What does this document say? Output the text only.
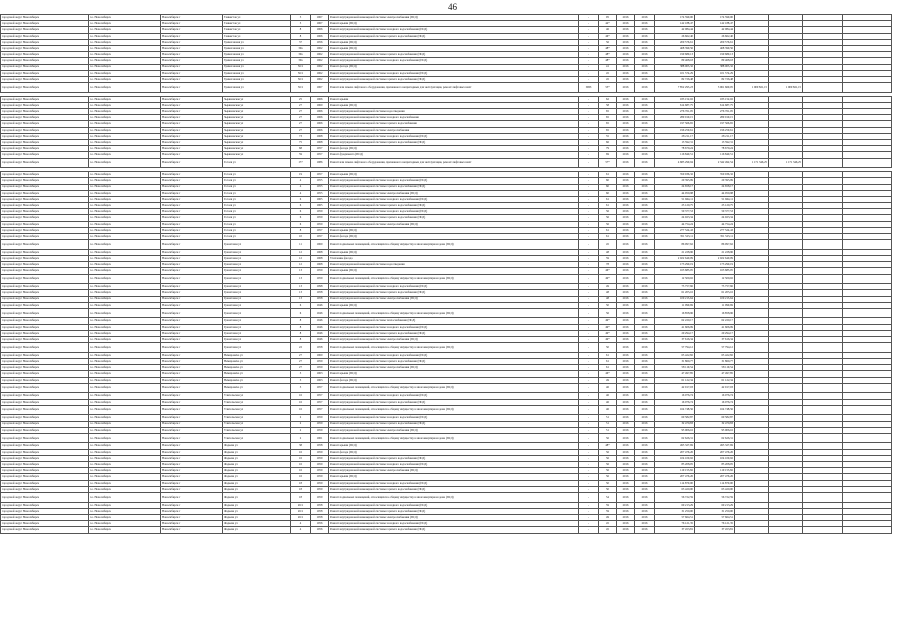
46
городской округ Новосибирск	г.о. Новосибирск	Новосибирск г	Танкистов ул	5	1967	Ремонт внутридомовой инженерной системы электроснабжения (ПСД)	-	95	2016	2016	174 590,00	174 590,00				
городской округ Новосибирск	г.о. Новосибирск	Новосибирск г	Танкистов ул	5	1967	Ремонт крыши (ПСД)	-	44*	2016	2016	142 188,47	142 188,47				
городской округ Новосибирск	г.о. Новосибирск	Новосибирск г	Танкистов ул	8	1966	Ремонт внутридомовой инженерной системы холодного водоснабжения (ПСД)	-	46	2016	2016	42 084,44	42 084,44				
городской округ Новосибирск	г.о. Новосибирск	Новосибирск г	Танкистов ул	8	1966	Ремонт внутридомовой инженерной системы горячего водоснабжения (ПСД)	-	46*	2016	2016	26 662,40	26 662,40				
городской округ Новосибирск	г.о. Новосибирск	Новосибирск г	Трикотажная ул	37	1956	Ремонт крыши (ПСД)	-	56	2016	2016	200 576,61	200 576,61				
городской округ Новосибирск	г.о. Новосибирск	Новосибирск г	Трикотажная ул	39а	1962	Ремонт крыши (ПСД)	-	48*	2016	2016	468 399,56	468 399,56				
городской округ Новосибирск	г.о. Новосибирск	Новосибирск г	Трикотажная ул	39а	1962	Ремонт внутридомовой инженерной системы горячего водоснабжения (ПСД)	-	48*	2016	2016	199 689,13	199 689,13				
городской округ Новосибирск	г.о. Новосибирск	Новосибирск г	Трикотажная ул	39а	1962	Ремонт внутридомовой инженерной системы холодного водоснабжения (ПСД)	-	48*	2016	2016	89 468,18	89 468,18				
городской округ Новосибирск	г.о. Новосибирск	Новосибирск г	Трикотажная ул	56/1	1962	Ремонт фасада (ПСД)	-	41	2016	2016	388 003,32	388 003,32				
городской округ Новосибирск	г.о. Новосибирск	Новосибирск г	Трикотажная ул	56/1	1962	Ремонт внутридомовой инженерной системы холодного водоснабжения (ПСД)	-	45	2016	2016	101 574,29	101 574,29				
городской округ Новосибирск	г.о. Новосибирск	Новосибирск г	Трикотажная ул	56/1	1962	Ремонт внутридомовой инженерной системы горячего водоснабжения (ПСД)	-	45	2016	2016	82 726,48	82 726,48				
городской округ Новосибирск	г.о. Новосибирск	Новосибирск г	Трикотажная ул	56/1	1967	Ремонт или замена лифтового оборудования, признанного непригодным для эксплуатации, ремонт лифтовых шахт	ППЗ	55*	2016	2016	7 852 293,23	3 961 669,05	1 909 821,15	1 909 821,15		

городской округ Новосибирск	г.о. Новосибирск	Новосибирск г	Зыряновская ул	25	1966	Ремонт крыши	-	62	2016	2016	183 152,02	183 152,02				
городской округ Новосибирск	г.о. Новосибирск	Новосибирск г	Зыряновская ул	27	1960	Ремонт крыши (ПСД)	-	58	2016	2016	614 687,75	614 687,75				
городской округ Новосибирск	г.о. Новосибирск	Новосибирск г	Зыряновская ул	27	1966	Ремонт внутридомовой инженерной системы водоотведения	-	65	2016	2016	276 761,05	276 761,05				
городской округ Новосибирск	г.о. Новосибирск	Новосибирск г	Зыряновская ул	27	1966	Ремонт внутридомовой инженерной системы холодного водоснабжения	-	65	2016	2016	289 919,15	289 919,15				
городской округ Новосибирск	г.о. Новосибирск	Новосибирск г	Зыряновская ул	27	1966	Ремонт внутридомовой инженерной системы горячего водоснабжения	-	65	2016	2016	197 566,65	197 566,65				
городской округ Новосибирск	г.о. Новосибирск	Новосибирск г	Зыряновская ул	27	1966	Ремонт внутридомовой инженерной системы электроснабжения	-	65	2016	2016	196 259,61	196 259,61				
городской округ Новосибирск	г.о. Новосибирск	Новосибирск г	Зыряновская ул	73	1968	Ремонт внутридомовой инженерной системы холодного водоснабжения (ПСД)	-	55	2016	2016	28 211,17	28 211,17				
городской округ Новосибирск	г.о. Новосибирск	Новосибирск г	Зыряновская ул	75	1968	Ремонт внутридомовой инженерной системы горячего водоснабжения (ПСД)	-	66	2016	2016	13 592,31	13 592,31				
городской округ Новосибирск	г.о. Новосибирск	Новосибирск г	Зыряновская ул	68	1957	Ремонт фасада (ПСД)	-	79	2016	2016	78 679,24	78 679,24				
городской округ Новосибирск	г.о. Новосибирск	Новосибирск г	Зыряновская ул	59	1957	Ремонт фундамента (ПСД)	-	69	2016	2016	116 840,51	116 840,51				
городской округ Новосибирск	г.о. Новосибирск	Новосибирск г	Гоголя ул	177	1986	Ремонт или замена лифтового оборудования, признанного непригодным для эксплуатации, ремонт лифтовых шахт	-	57*	2016	2016	4 685 299,94	2 342 492,54	1 171 346,25	1 171 346,25		

городской округ Новосибирск	г.о. Новосибирск	Новосибирск г	Гоголя ул	19	1957	Ремонт крыши (ПСД)	-	61	2016	2016	350 936,32	350 936,32				
городской округ Новосибирск	г.о. Новосибирск	Новосибирск г	Гоголя ул	4	1955	Ремонт внутридомовой инженерной системы холодного водоснабжения (ПСД)	-	60	2016	2016	20 395,99	20 395,99				
городской округ Новосибирск	г.о. Новосибирск	Новосибирск г	Гоголя ул	4	1955	Ремонт внутридомовой инженерной системы горячего водоснабжения (ПСД)	-	60	2016	2016	24 658,17	24 658,17				
городской округ Новосибирск	г.о. Новосибирск	Новосибирск г	Гоголя ул	4	1955	Ремонт внутридомовой инженерной системы электроснабжения (ПСД)	-	60	2016	2016	44 950,98	44 950,98				
городской округ Новосибирск	г.о. Новосибирск	Новосибирск г	Гоголя ул	6	1965	Ремонт внутридомовой инженерной системы холодного водоснабжения (ПСД)	-	61	2016	2016	51 664,11	51 664,11				
городской округ Новосибирск	г.о. Новосибирск	Новосибирск г	Гоголя ул	6	1965	Ремонт внутридомовой инженерной системы горячего водоснабжения (ПСД)	-	61	2016	2016	25 120,75	25 120,75				
городской округ Новосибирск	г.о. Новосибирск	Новосибирск г	Гоголя ул	6	1959	Ремонт внутридомовой инженерной системы холодного водоснабжения (ПСД)	-	56	2016	2016	50 377,53	50 377,53				
городской округ Новосибирск	г.о. Новосибирск	Новосибирск г	Гоголя ул	6	1959	Ремонт внутридомовой инженерной системы горячего водоснабжения (ПСД)	-	56	2016	2016	24 923,34	24 923,34				
городской округ Новосибирск	г.о. Новосибирск	Новосибирск г	Гоголя ул	6	1959	Ремонт внутридомовой инженерной системы электроснабжения (ПСД)	-	56	2016	2016	44 754,24	44 754,24				
городской округ Новосибирск	г.о. Новосибирск	Новосибирск г	Гоголя ул	8	1957	Ремонт крыши (ПСД)	-	61	2016	2016	277 524,43	277 524,43				
городской округ Новосибирск	г.о. Новосибирск	Новосибирск г	Гоголя ул	10	1957	Ремонт фасада (ПСД)	-	61	2016	2016	351 523,11	351 523,11				
городской округ Новосибирск	г.о. Новосибирск	Новосибирск г	Гранатовая ул	11	1969	Ремонт подвальных помещений, относящихся к общему имуществу в многоквартирном доме (ПСД)	-	45	2016	2016	86 997,62	86 997,62				
городской округ Новосибирск	г.о. Новосибирск	Новосибирск г	Гранатовая ул	12	1968	Ремонт крыши (ПСД)	-	48	2016	2016	21 228,96	21 228,96				
городской округ Новосибирск	г.о. Новосибирск	Новосибирск г	Гранатовая ул	12	1968	Утепление фасада	-	59	2016	2016	2 022 640,09	2 022 640,09				
городской округ Новосибирск	г.о. Новосибирск	Новосибирск г	Гранатовая ул	12	1968	Ремонт внутридомовой инженерной системы водоотведения	-	78	2016	2016	173 290,19	173 290,19				
городской округ Новосибирск	г.о. Новосибирск	Новосибирск г	Гранатовая ул	13	1959	Ремонт крыши (ПСД)	-	46*	2016	2016	163 683,05	163 683,05				
городской округ Новосибирск	г.о. Новосибирск	Новосибирск г	Гранатовая ул	13	1959	Ремонт подвальных помещений, относящихся к общему имуществу в многоквартирном доме (ПСД)	-	49*	2016	2016	12 509,02	12 509,02				
городской округ Новосибирск	г.о. Новосибирск	Новосибирск г	Гранатовая ул	13	1998	Ремонт внутридомовой инженерной системы холодного водоснабжения (ПСД)	-	49	2016	2016	75 757,66	75 757,66				
городской округ Новосибирск	г.о. Новосибирск	Новосибирск г	Гранатовая ул	13	1958	Ремонт внутридомовой инженерной системы горячего водоснабжения (ПСД)	-	48	2016	2016	61 205,16	61 205,16				
городской округ Новосибирск	г.о. Новосибирск	Новосибирск г	Гранатовая ул	13	1958	Ремонт внутридомовой инженерной системы электроснабжения (ПСД)	-	48	2016	2016	100 213,64	100 213,64				
городской округ Новосибирск	г.о. Новосибирск	Новосибирск г	Гранатовая ул	6	1946	Ремонт крыши (ПСД)	-	50	2016	2016	11 999,69	11 999,69				
городской округ Новосибирск	г.о. Новосибирск	Новосибирск г	Гранатовая ул	6	1946	Ремонт подвальных помещений, относящихся к общему имуществу в многоквартирном доме (ПСД)	-	56	2016	2016	16 858,96	16 858,96				
городской округ Новосибирск	г.о. Новосибирск	Новосибирск г	Гранатовая ул	8	1946	Ремонт внутридомовой инженерной системы теплоснабжения (ПСД)	-	49*	2016	2016	62 220,17	62 220,17				
городской округ Новосибирск	г.о. Новосибирск	Новосибирск г	Гранатовая ул	8	1946	Ремонт внутридомовой инженерной системы холодного водоснабжения (ПСД)	-	49*	2016	2016	41 606,99	41 606,99				
городской округ Новосибирск	г.о. Новосибирск	Новосибирск г	Гранатовая ул	8	1946	Ремонт внутридомовой инженерной системы горячего водоснабжения (ПСД)	-	49*	2016	2016	20 294,17	20 294,17				
городской округ Новосибирск	г.о. Новосибирск	Новосибирск г	Гранатовая ул	8	1946	Ремонт внутридомовой инженерной системы электроснабжения (ПСД)	-	49*	2016	2016	37 616,34	37 616,34				
городской округ Новосибирск	г.о. Новосибирск	Новосибирск г	Гранатовая ул	22	1958	Ремонт подвальных помещений, относящихся к общему имуществу в многоквартирном доме (ПСД)	-	50	2016	2016	57 794,12	57 794,12				
городской округ Новосибирск	г.о. Новосибирск	Новосибирск г	Немировича ул	27	1960	Ремонт внутридомовой инженерной системы холодного водоснабжения (ПСД)	-	61	2016	2016	65 422,82	65 422,82				
городской округ Новосибирск	г.о. Новосибирск	Новосибирск г	Немировича ул	27	1959	Ремонт внутридомовой инженерной системы горячего водоснабжения (ПСД)	-	61	2016	2016	31 869,77	31 869,77				
городской округ Новосибирск	г.о. Новосибирск	Новосибирск г	Немировича ул	27	1959	Ремонт внутридомовой инженерной системы электроснабжения (ПСД)	-	61	2016	2016	58 119,54	58 119,54				
городской округ Новосибирск	г.о. Новосибирск	Новосибирск г	Немировича ул	3	1963	Ремонт крыши (ПСД)	-	46*	2016	2016	47 497,85	47 497,85				
городской округ Новосибирск	г.о. Новосибирск	Новосибирск г	Немировича ул	3	1963	Ремонт фасада (ПСД)	-	49	2016	2016	61 122,34	61 122,34				
городской округ Новосибирск	г.о. Новосибирск	Новосибирск г	Немировича ул	3	1957	Ремонт подвальных помещений, относящихся к общему имуществу в многоквартирном доме (ПСД)	-	46	2016	2016	42 917,03	42 917,03				
городской округ Новосибирск	г.о. Новосибирск	Новосибирск г	Учительская ул	16	1957	Ремонт внутридомовой инженерной системы холодного водоснабжения (ПСД)	-	46	2016	2016	16 076,74	16 076,74				
городской округ Новосибирск	г.о. Новосибирск	Новосибирск г	Учительская ул	16	1957	Ремонт внутридомовой инженерной системы горячего водоснабжения (ПСД)	-	46	2016	2016	16 076,74	16 076,74				
городской округ Новосибирск	г.о. Новосибирск	Новосибирск г	Учительская ул	16	1957	Ремонт подвальных помещений, относящихся к общему имуществу в многоквартирном доме (ПСД)	-	46	2016	2016	164 748,56	164 748,56				
городской округ Новосибирск	г.о. Новосибирск	Новосибирск г	Учительская ул	2	1959	Ремонт внутридомовой инженерной системы холодного водоснабжения (ПСД)	-	51	2016	2016	60 582,87	60 582,87				
городской округ Новосибирск	г.о. Новосибирск	Новосибирск г	Учительская ул	2	1959	Ремонт внутридомовой инженерной системы горячего водоснабжения (ПСД)	-	51	2016	2016	32 479,83	32 479,83				
городской округ Новосибирск	г.о. Новосибирск	Новосибирск г	Учительская ул	2	1959	Ремонт внутридомовой инженерной системы электроснабжения (ПСД)	-	51	2016	2016	95 906,16	95 906,16				
городской округ Новосибирск	г.о. Новосибирск	Новосибирск г	Учительская ул	2	1961	Ремонт подвальных помещений, относящихся к общему имуществу в многоквартирном доме (ПСД)	-	56	2016	2016	62 626,31	62 626,31				
городской округ Новосибирск	г.о. Новосибирск	Новосибирск г	Фадеева ул	38	1958	Ремонт крыши (ПСД)	-	48*	2016	2016	495 327,69	495 327,69				
городской округ Новосибирск	г.о. Новосибирск	Новосибирск г	Фадеева ул	16	1959	Ремонт фасада (ПСД)	-	56	2016	2016	207 476,26	207 476,26				
городской округ Новосибирск	г.о. Новосибирск	Новосибирск г	Фадеева ул	16	1959	Ремонт внутридомовой инженерной системы горячего водоснабжения (ПСД)	-	56	2016	2016	104 100,92	104 100,92				
городской округ Новосибирск	г.о. Новосибирск	Новосибирск г	Фадеева ул	16	1959	Ремонт внутридомовой инженерной системы холодного водоснабжения (ПСД)	-	56	2016	2016	85 208,05	85 208,05				
городской округ Новосибирск	г.о. Новосибирск	Новосибирск г	Фадеева ул	16	1959	Ремонт внутридомовой инженерной системы электроснабжения (ПСД)	-	56	2016	2016	119 153,82	119 153,82				
городской округ Новосибирск	г.о. Новосибирск	Новосибирск г	Фадеева ул	16	1959	Ремонт крыши (ПСД)	-	56	2016	2016	207 476,26	207 476,26				
городской округ Новосибирск	г.о. Новосибирск	Новосибирск г	Фадеева ул	18	1959	Ремонт внутридомовой инженерной системы холодного водоснабжения (ПСД)	-	50	2016	2016	114 870,00	114 870,00				
городской округ Новосибирск	г.о. Новосибирск	Новосибирск г	Фадеева ул	18	1959	Ремонт внутридомовой инженерной системы горячего водоснабжения (ПСД)	-	50	2016	2016	63 420,00	63 420,00				
городской округ Новосибирск	г.о. Новосибирск	Новосибирск г	Фадеева ул	18	1959	Ремонт подвальных помещений, относящихся к общему имуществу в многоквартирном доме (ПСД)	-	54	2016	2016	56 722,59	56 722,59				
городской округ Новосибирск	г.о. Новосибирск	Новосибирск г	Фадеева ул	26/1	1958	Ремонт внутридомовой инженерной системы холодного водоснабжения (ПСД)	-	59	2016	2016	60 213,29	60 213,29				
городской округ Новосибирск	г.о. Новосибирск	Новосибирск г	Фадеева ул	26/1	1958	Ремонт внутридомовой инженерной системы горячего водоснабжения (ПСД)	-	59	2016	2016	31 250,00	31 250,00				
городской округ Новосибирск	г.о. Новосибирск	Новосибирск г	Фадеева ул	26/1	1958	Ремонт внутридомовой инженерной системы электроснабжения (ПСД)	-	49	2016	2016	57 664,51	57 664,51				
городской округ Новосибирск	г.о. Новосибирск	Новосибирск г	Фадеева ул	4	1956	Ремонт внутридомовой инженерной системы холодного водоснабжения (ПСД)	-	45	2016	2016	76 121,35	76 121,35				
городской округ Новосибирск	г.о. Новосибирск	Новосибирск г	Фадеева ул	4	1956	Ремонт внутридомовой инженерной системы горячего водоснабжения (ПСД)	-	45	2016	2016	37 453,81	37 453,81				
